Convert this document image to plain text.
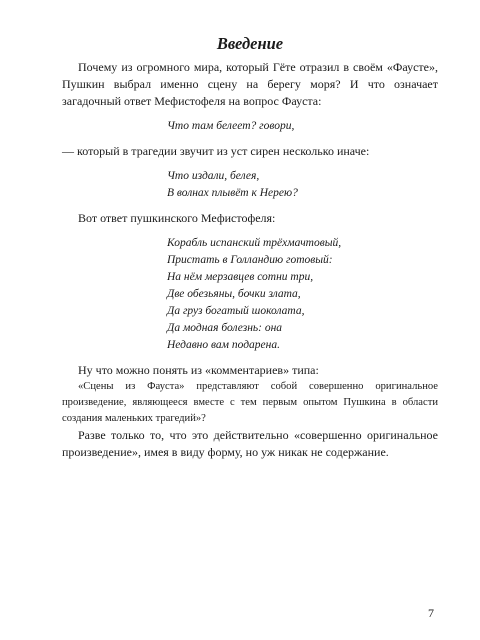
Введение

Почему из огромного мира, который Гёте отразил в своём «Фаусте», Пушкин выбрал именно сцену на берегу моря? И что означает загадочный ответ Мефистофеля на вопрос Фауста:

Что там белеет? говори,

— который в трагедии звучит из уст сирен несколько иначе:

Что издали, белея,
В волнах плывёт к Нерею?

Вот ответ пушкинского Мефистофеля:

Корабль испанский трёхмачтовый,
Пристать в Голландию готовый:
На нём мерзавцев сотни три,
Две обезьяны, бочки злата,
Да груз богатый шоколата,
Да модная болезнь: она
Недавно вам подарена.

Ну что можно понять из «комментариев» типа:

«Сцены из Фауста» представляют собой совершенно оригинальное произведение, являющееся вместе с тем первым опытом Пушкина в области создания маленьких трагедий»?

Разве только то, что это действительно «совершенно оригинальное произведение», имея в виду форму, но уж никак не содержание.

7
